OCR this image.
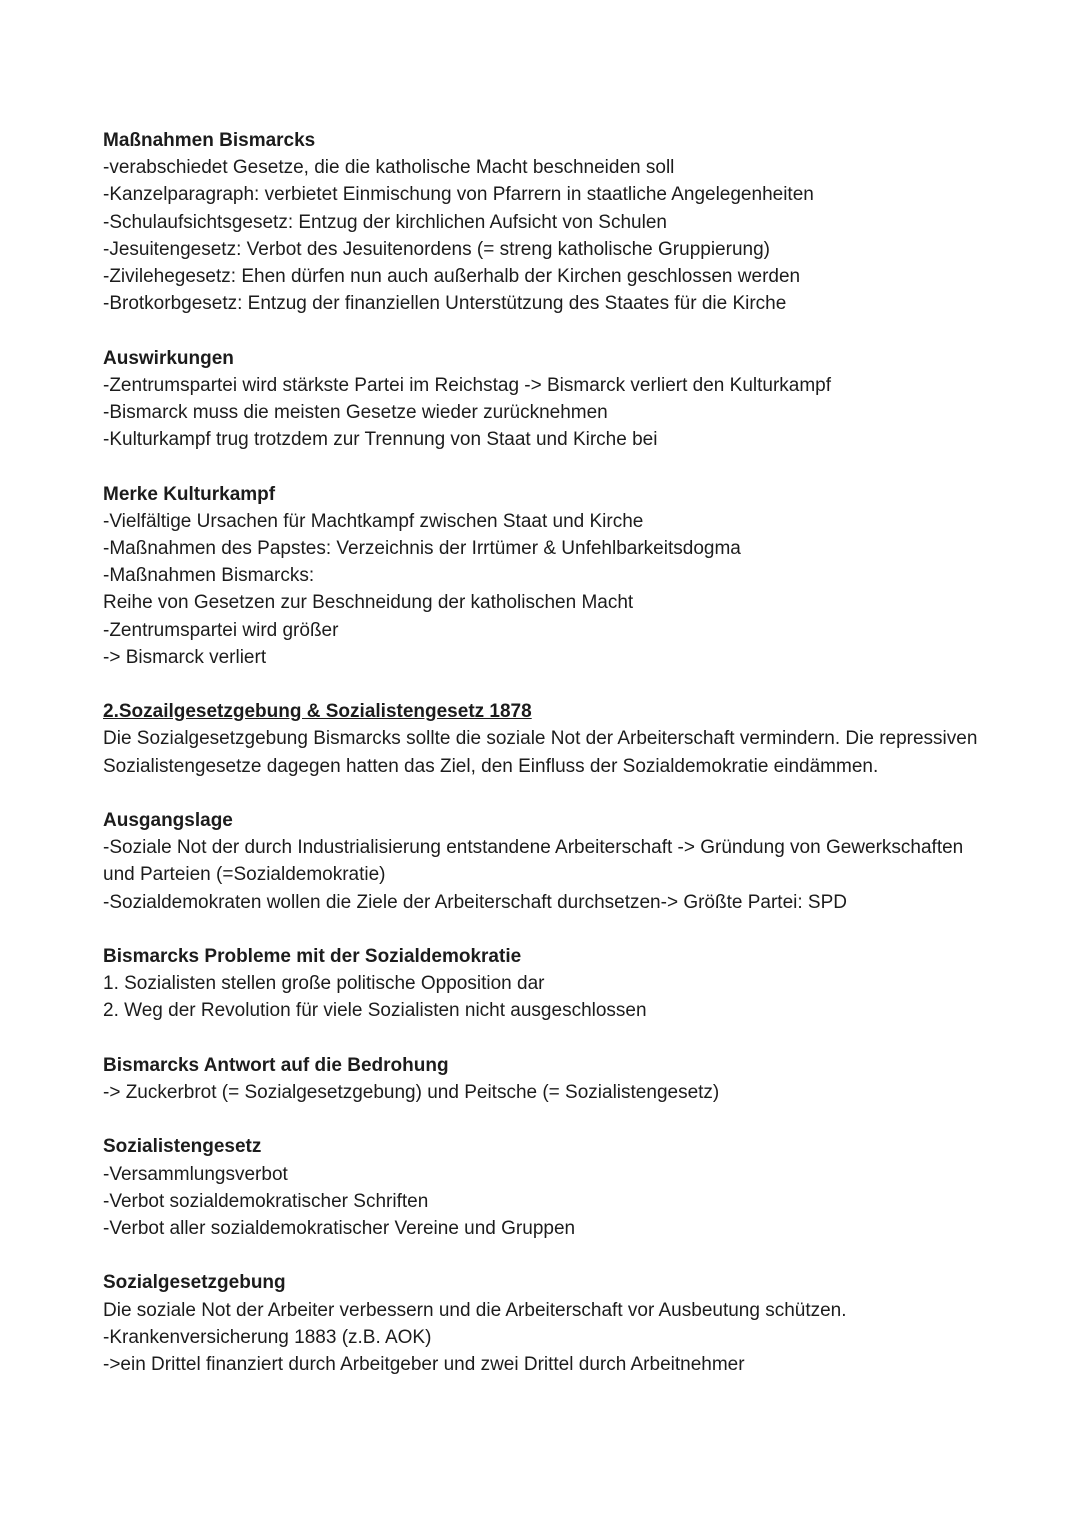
Maßnahmen Bismarcks

-verabschiedet Gesetze, die die katholische Macht beschneiden soll

-Kanzelparagraph: verbietet Einmischung von Pfarrern in staatliche Angelegenheiten

-Schulaufsichtsgesetz: Entzug der kirchlichen Aufsicht von Schulen

-Jesuitengesetz: Verbot des Jesuitenordens (= streng katholische Gruppierung)

-Zivilehegesetz: Ehen dürfen nun auch außerhalb der Kirchen geschlossen werden

-Brotkorbgesetz: Entzug der finanziellen Unterstützung des Staates für die Kirche

Auswirkungen

-Zentrumspartei wird stärkste Partei im Reichstag -> Bismarck verliert den Kulturkampf

-Bismarck muss die meisten Gesetze wieder zurücknehmen

-Kulturkampf trug trotzdem zur Trennung von Staat und Kirche bei

Merke Kulturkampf

-Vielfältige Ursachen für Machtkampf zwischen Staat und Kirche

-Maßnahmen des Papstes: Verzeichnis der Irrtümer & Unfehlbarkeitsdogma

-Maßnahmen Bismarcks:

Reihe von Gesetzen zur Beschneidung der katholischen Macht

-Zentrumspartei wird größer

-> Bismarck verliert

2.Sozailgesetzgebung & Sozialistengesetz 1878

Die Sozialgesetzgebung Bismarcks sollte die soziale Not der Arbeiterschaft vermindern. Die repressiven Sozialistengesetze dagegen hatten das Ziel, den Einfluss der Sozialdemokratie eindämmen.

Ausgangslage

-Soziale Not der durch Industrialisierung entstandene Arbeiterschaft -> Gründung von Gewerkschaften und Parteien (=Sozialdemokratie)

-Sozialdemokraten wollen die Ziele der Arbeiterschaft durchsetzen-> Größte Partei: SPD

Bismarcks Probleme mit der Sozialdemokratie

1. Sozialisten stellen große politische Opposition dar

2. Weg der Revolution für viele Sozialisten nicht ausgeschlossen

Bismarcks Antwort auf die Bedrohung

-> Zuckerbrot (= Sozialgesetzgebung) und Peitsche (= Sozialistengesetz)

Sozialistengesetz

-Versammlungsverbot

-Verbot sozialdemokratischer Schriften

-Verbot aller sozialdemokratischer Vereine und Gruppen

Sozialgesetzgebung

Die soziale Not der Arbeiter verbessern und die Arbeiterschaft vor Ausbeutung schützen.

-Krankenversicherung 1883 (z.B. AOK)

->ein Drittel finanziert durch Arbeitgeber und zwei Drittel durch Arbeitnehmer
